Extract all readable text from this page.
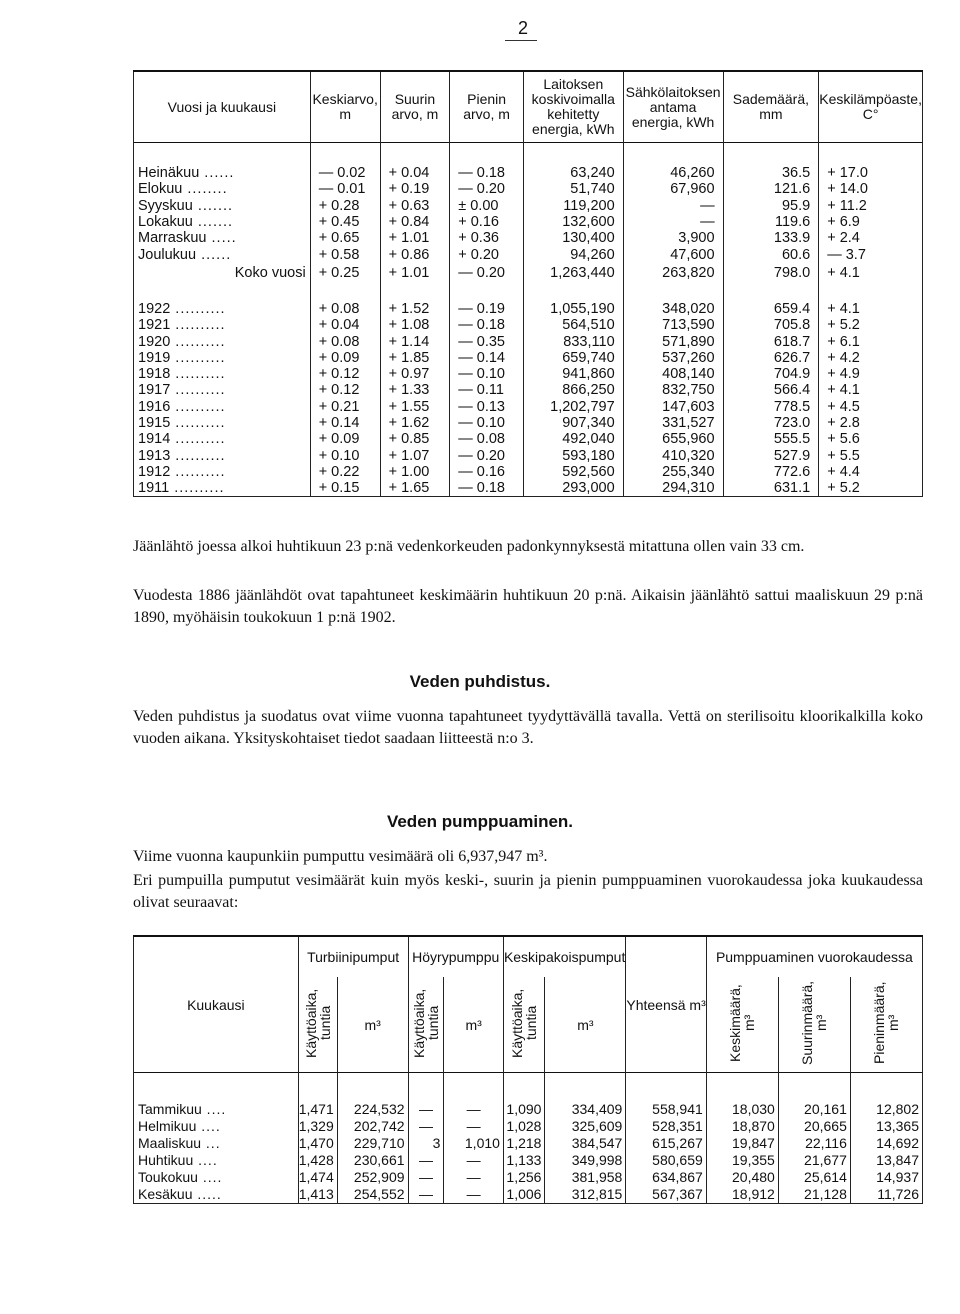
2
Vuosi ja kuukausi	Keskiarvo, m	Suurin arvo, m	Pienin arvo, m	Laitoksen koskivoimalla kehitetty energia, kWh	Sähkölaitoksen antama energia, kWh	Sademäärä, mm	Keskilämpöaste, C°

Heinäkuu ......	— 0.02	+ 0.04	— 0.18	63,240	46,260	36.5	+ 17.0
Elokuu ........	— 0.01	+ 0.19	— 0.20	51,740	67,960	121.6	+ 14.0
Syyskuu .......	+ 0.28	+ 0.63	± 0.00	119,200	—	95.9	+ 11.2
Lokakuu .......	+ 0.45	+ 0.84	+ 0.16	132,600	—	119.6	+ 6.9
Marraskuu .....	+ 0.65	+ 1.01	+ 0.36	130,400	3,900	133.9	+ 2.4
Joulukuu ......	+ 0.58	+ 0.86	+ 0.20	94,260	47,600	60.6	— 3.7
Koko vuosi	+ 0.25	+ 1.01	— 0.20	1,263,440	263,820	798.0	+ 4.1

1922 ..........	+ 0.08	+ 1.52	— 0.19	1,055,190	348,020	659.4	+ 4.1
1921 ..........	+ 0.04	+ 1.08	— 0.18	564,510	713,590	705.8	+ 5.2
1920 ..........	+ 0.08	+ 1.14	— 0.35	833,110	571,890	618.7	+ 6.1
1919 ..........	+ 0.09	+ 1.85	— 0.14	659,740	537,260	626.7	+ 4.2
1918 ..........	+ 0.12	+ 0.97	— 0.10	941,860	408,140	704.9	+ 4.9
1917 ..........	+ 0.12	+ 1.33	— 0.11	866,250	832,750	566.4	+ 4.1
1916 ..........	+ 0.21	+ 1.55	— 0.13	1,202,797	147,603	778.5	+ 4.5
1915 ..........	+ 0.14	+ 1.62	— 0.10	907,340	331,527	723.0	+ 2.8
1914 ..........	+ 0.09	+ 0.85	— 0.08	492,040	655,960	555.5	+ 5.6
1913 ..........	+ 0.10	+ 1.07	— 0.20	593,180	410,320	527.9	+ 5.5
1912 ..........	+ 0.22	+ 1.00	— 0.16	592,560	255,340	772.6	+ 4.4
1911 ..........	+ 0.15	+ 1.65	— 0.18	293,000	294,310	631.1	+ 5.2

Jäänlähtö joessa alkoi huhtikuun 23 p:nä vedenkorkeuden padonkynnyksestä mitattuna ollen vain 33 cm.

Vuodesta 1886 jäänlähdöt ovat tapahtuneet keskimäärin huhtikuun 20 p:nä. Aikaisin jäänlähtö sattui maaliskuun 29 p:nä 1890, myöhäisin toukokuun 1 p:nä 1902.

Veden puhdistus.

Veden puhdistus ja suodatus ovat viime vuonna tapahtuneet tyydyttävällä tavalla. Vettä on sterilisoitu kloorikalkilla koko vuoden aikana. Yksityskohtaiset tiedot saadaan liitteestä n:o 3.

Veden pumppuaminen.

Viime vuonna kaupunkiin pumputtu vesimäärä oli 6,937,947 m³.

Eri pumpuilla pumputut vesimäärät kuin myös keski-, suurin ja pienin pumppuaminen vuorokaudessa joka kuukaudessa olivat seuraavat:

Kuukausi	Turbiinipumput		Höyrypumppu		Keskipakoispumput		Yhteensä m³	Pumppuaminen vuorokaudessa		
	Käyttöaika, tuntia	m³	Käyttöaika, tuntia	m³	Käyttöaika, tuntia	m³		Keskimäärä, m³	Suurinmäärä, m³	Pieninmäärä, m³

Tammikuu ....	1,471	224,532	—	—	1,090	334,409	558,941	18,030	20,161	12,802
Helmikuu ....	1,329	202,742	—	—	1,028	325,609	528,351	18,870	20,665	13,365
Maaliskuu ...	1,470	229,710	3	1,010	1,218	384,547	615,267	19,847	22,116	14,692
Huhtikuu ....	1,428	230,661	—	—	1,133	349,998	580,659	19,355	21,677	13,847
Toukokuu ....	1,474	252,909	—	—	1,256	381,958	634,867	20,480	25,614	14,937
Kesäkuu .....	1,413	254,552	—	—	1,006	312,815	567,367	18,912	21,128	11,726
